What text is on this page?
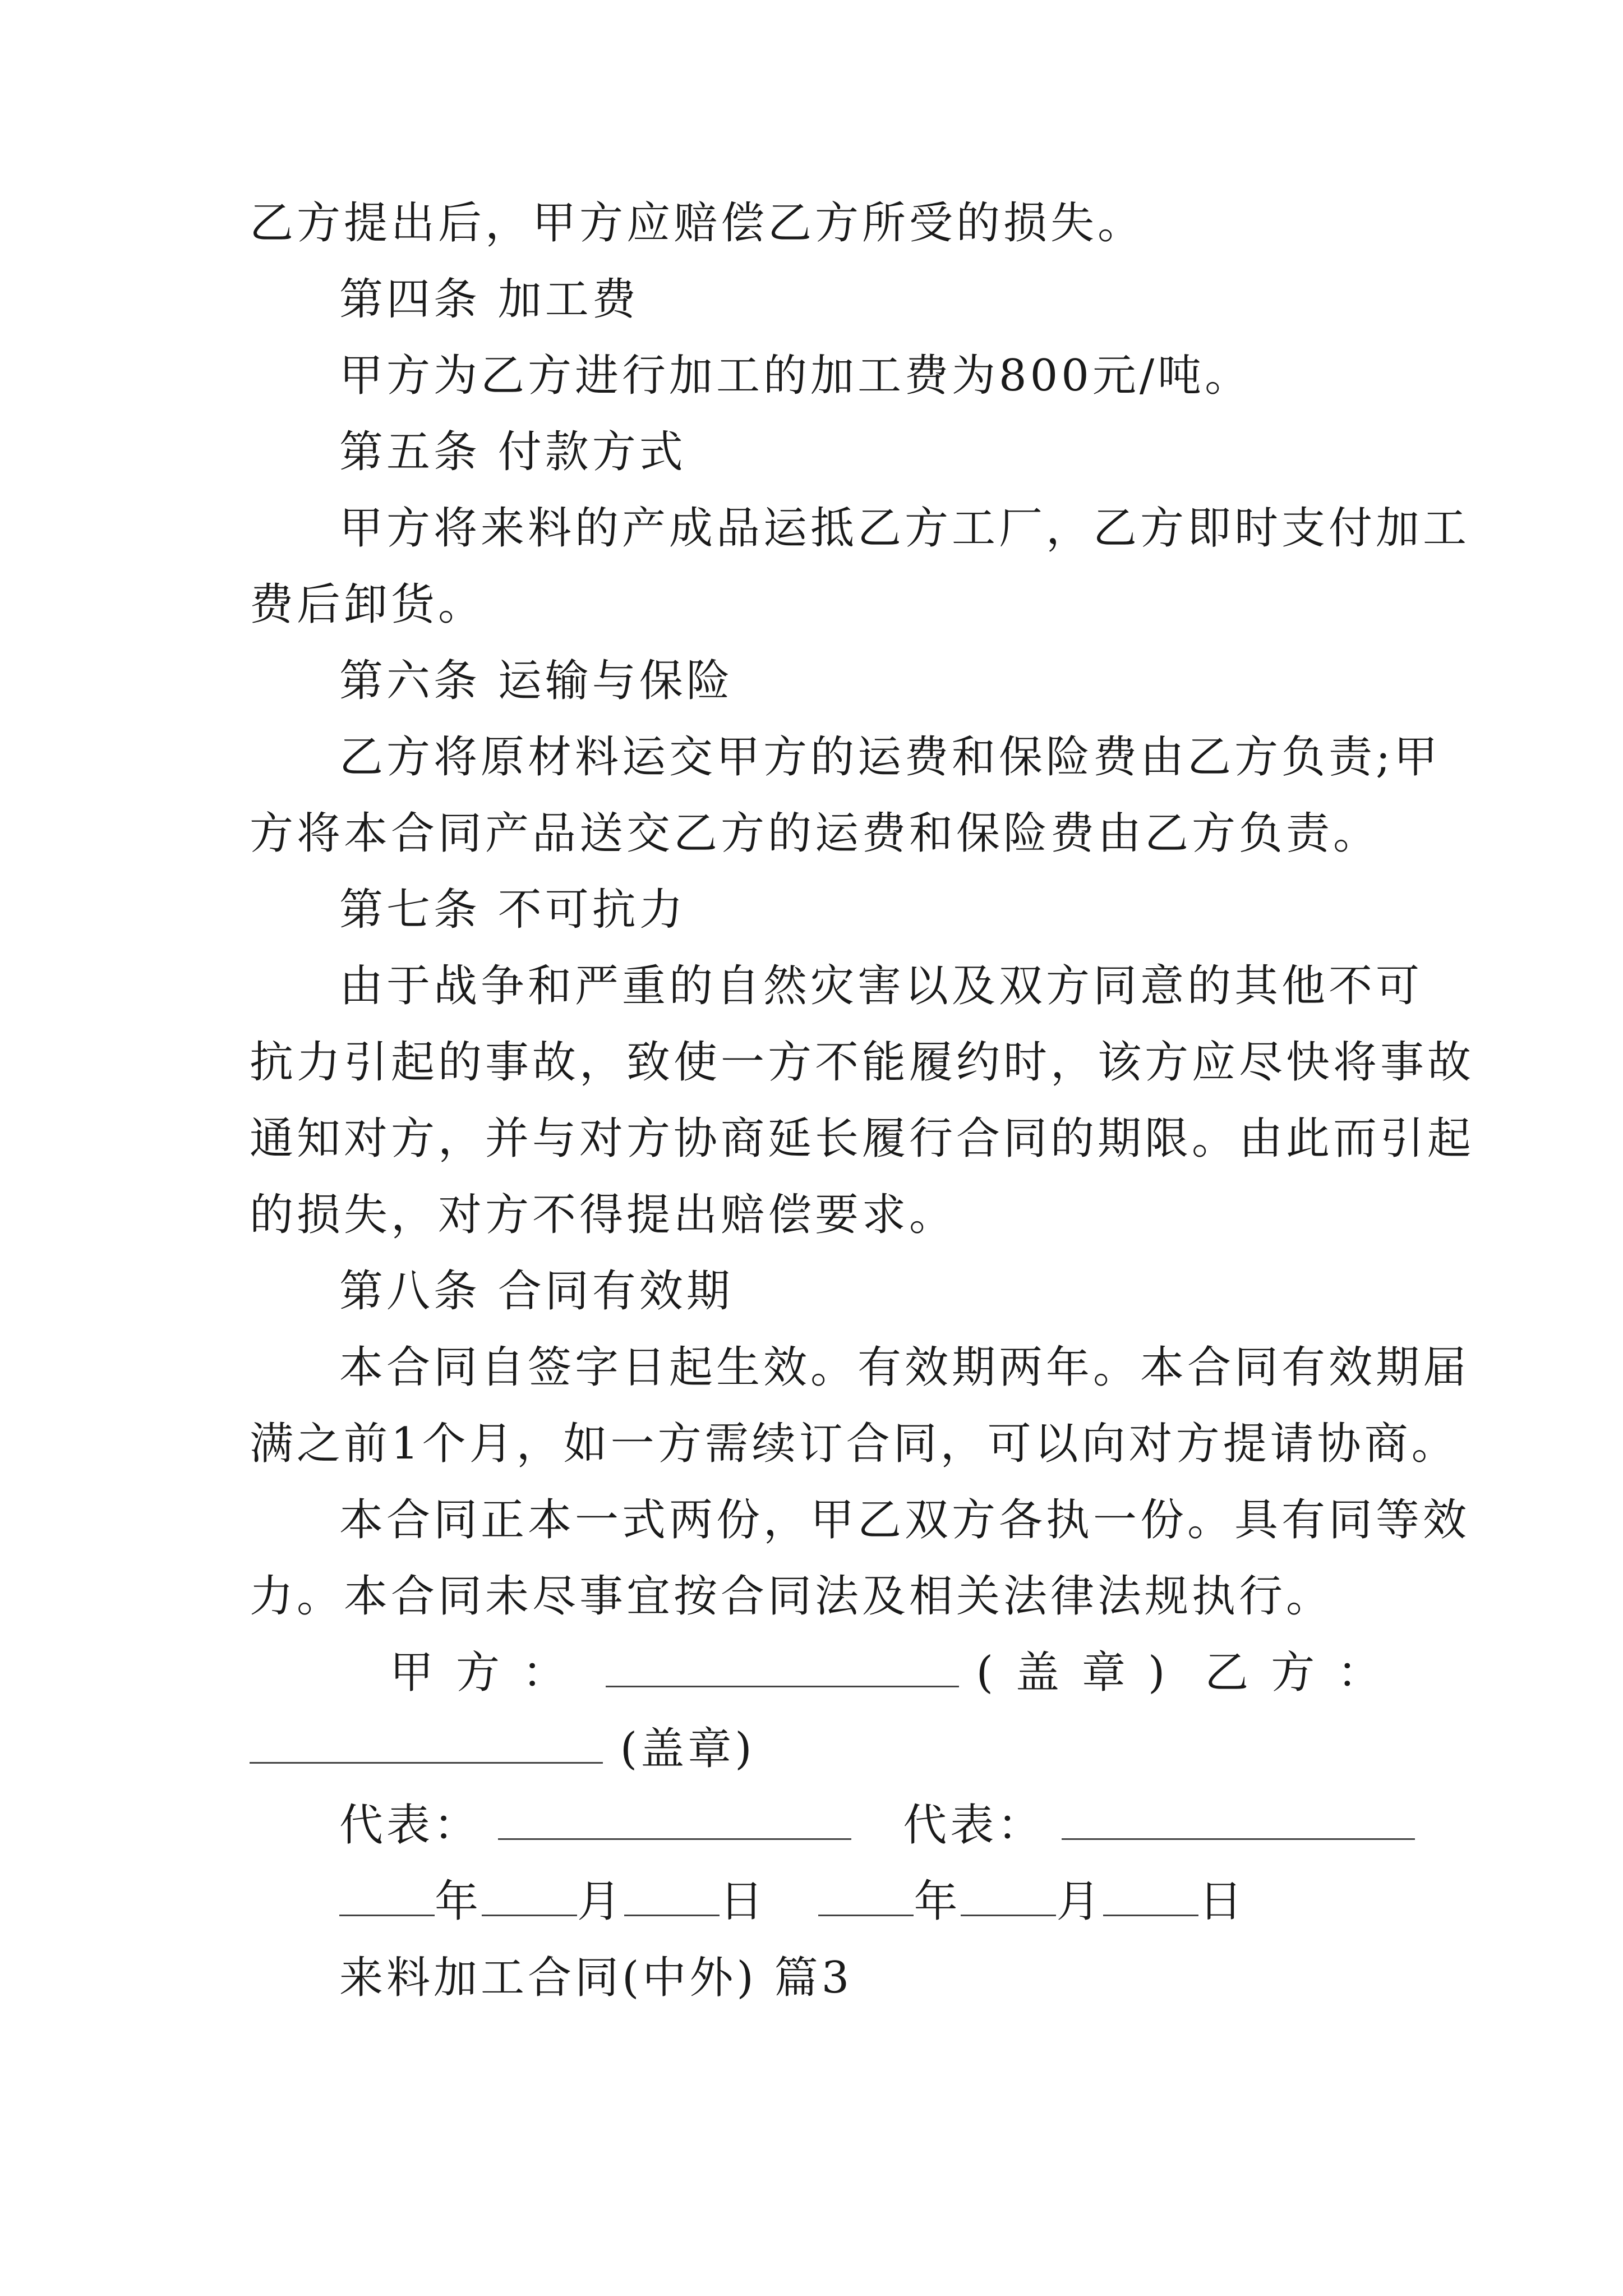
乙方提出后，甲方应赔偿乙方所受的损失。
第四条 加工费
甲方为乙方进行加工的加工费为800元/吨。
第五条 付款方式
甲方将来料的产成品运抵乙方工厂，乙方即时支付加工
费后卸货。
第六条 运输与保险
乙方将原材料运交甲方的运费和保险费由乙方负责;甲
方将本合同产品送交乙方的运费和保险费由乙方负责。
第七条 不可抗力
由于战争和严重的自然灾害以及双方同意的其他不可
抗力引起的事故，致使一方不能履约时，该方应尽快将事故
通知对方，并与对方协商延长履行合同的期限。由此而引起
的损失，对方不得提出赔偿要求。
第八条 合同有效期
本合同自签字日起生效。有效期两年。本合同有效期届
满之前1个月，如一方需续订合同，可以向对方提请协商。
本合同正本一式两份，甲乙双方各执一份。具有同等效
力。本合同未尽事宜按合同法及相关法律法规执行。
甲方：	(盖章) 乙方：
(盖章)
代表：	代表：
年 月 日	年 月 日
来料加工合同(中外) 篇3
